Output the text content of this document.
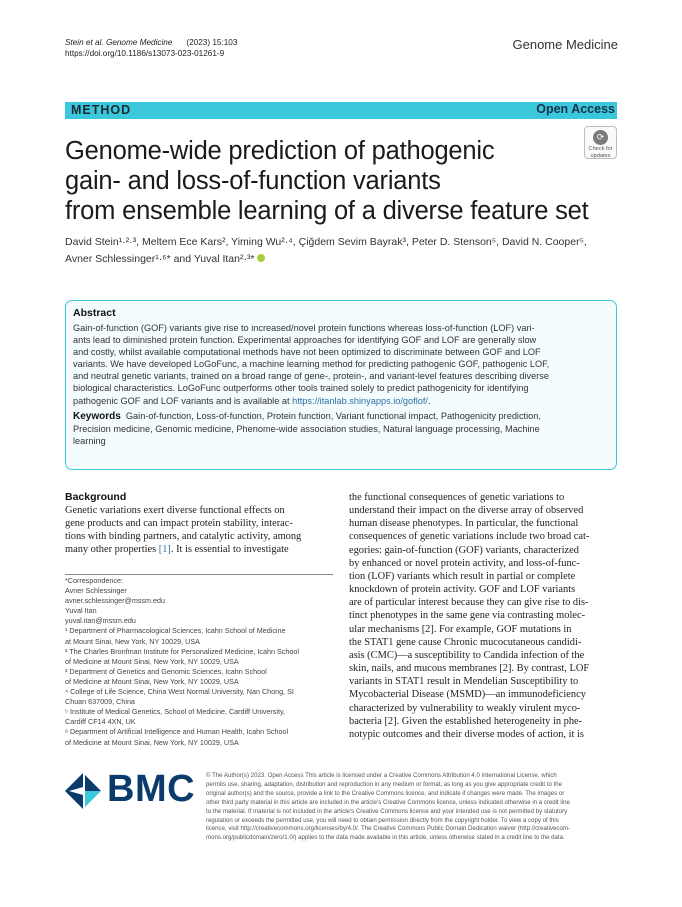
Stein et al. Genome Medicine (2023) 15:103
https://doi.org/10.1186/s13073-023-01261-9
Genome Medicine
METHOD	Open Access
⟳
Check for
updates
Genome-wide prediction of pathogenic
gain- and loss-of-function variants
from ensemble learning of a diverse feature set
David Stein¹·²·³, Meltem Ece Kars², Yiming Wu²·⁴, Çiğdem Sevim Bayrak³, Peter D. Stenson⁵, David N. Cooper⁵,
Avner Schlessinger¹·⁶* and Yuval Itan²·³*
Abstract
Gain-of-function (GOF) variants give rise to increased/novel protein functions whereas loss-of-function (LOF) vari-
ants lead to diminished protein function. Experimental approaches for identifying GOF and LOF are generally slow
and costly, whilst available computational methods have not been optimized to discriminate between GOF and LOF
variants. We have developed LoGoFunc, a machine learning method for predicting pathogenic GOF, pathogenic LOF,
and neutral genetic variants, trained on a broad range of gene-, protein-, and variant-level features describing diverse
biological characteristics. LoGoFunc outperforms other tools trained solely to predict pathogenicity for identifying
pathogenic GOF and LOF variants and is available at https://itanlab.shinyapps.io/goflof/.
Keywords Gain-of-function, Loss-of-function, Protein function, Variant functional impact, Pathogenicity prediction,
Precision medicine, Genomic medicine, Phenome-wide association studies, Natural language processing, Machine
learning
Background
Genetic variations exert diverse functional effects on
gene products and can impact protein stability, interac-
tions with binding partners, and catalytic activity, among
many other properties [1]. It is essential to investigate
*Correspondence:
Avner Schlessinger
avner.schlessinger@mssm.edu
Yuval Itan
yuval.itan@mssm.edu
¹ Department of Pharmacological Sciences, Icahn School of Medicine
at Mount Sinai, New York, NY 10029, USA
² The Charles Bronfman Institute for Personalized Medicine, Icahn School
of Medicine at Mount Sinai, New York, NY 10029, USA
³ Department of Genetics and Genomic Sciences, Icahn School
of Medicine at Mount Sinai, New York, NY 10029, USA
⁴ College of Life Science, China West Normal University, Nan Chong, SI
Chuan 637009, China
⁵ Institute of Medical Genetics, School of Medicine, Cardiff University,
Cardiff CF14 4XN, UK
⁶ Department of Artificial Intelligence and Human Health, Icahn School
of Medicine at Mount Sinai, New York, NY 10029, USA
the functional consequences of genetic variations to
understand their impact on the diverse array of observed
human disease phenotypes. In particular, the functional
consequences of genetic variations include two broad cat-
egories: gain-of-function (GOF) variants, characterized
by enhanced or novel protein activity, and loss-of-func-
tion (LOF) variants which result in partial or complete
knockdown of protein activity. GOF and LOF variants
are of particular interest because they can give rise to dis-
tinct phenotypes in the same gene via contrasting molec-
ular mechanisms [2]. For example, GOF mutations in
the STAT1 gene cause Chronic mucocutaneous candidi-
asis (CMC)—a susceptibility to Candida infection of the
skin, nails, and mucous membranes [2]. By contrast, LOF
variants in STAT1 result in Mendelian Susceptibility to
Mycobacterial Disease (MSMD)—an immunodeficiency
characterized by vulnerability to weakly virulent myco-
bacteria [2]. Given the established heterogeneity in phe-
notypic outcomes and their diverse modes of action, it is
BMC © The Author(s) 2023. Open Access This article is licensed under a Creative Commons Attribution 4.0 International License, which
permits use, sharing, adaptation, distribution and reproduction in any medium or format, as long as you give appropriate credit to the
original author(s) and the source, provide a link to the Creative Commons licence, and indicate if changes were made. The images or
other third party material in this article are included in the article's Creative Commons licence, unless indicated otherwise in a credit line
to the material. If material is not included in the article's Creative Commons licence and your intended use is not permitted by statutory
regulation or exceeds the permitted use, you will need to obtain permission directly from the copyright holder. To view a copy of this
licence, visit http://creativecommons.org/licenses/by/4.0/. The Creative Commons Public Domain Dedication waiver (http://creativecom-
mons.org/publicdomain/zero/1.0/) applies to the data made available in this article, unless otherwise stated in a credit line to the data.
